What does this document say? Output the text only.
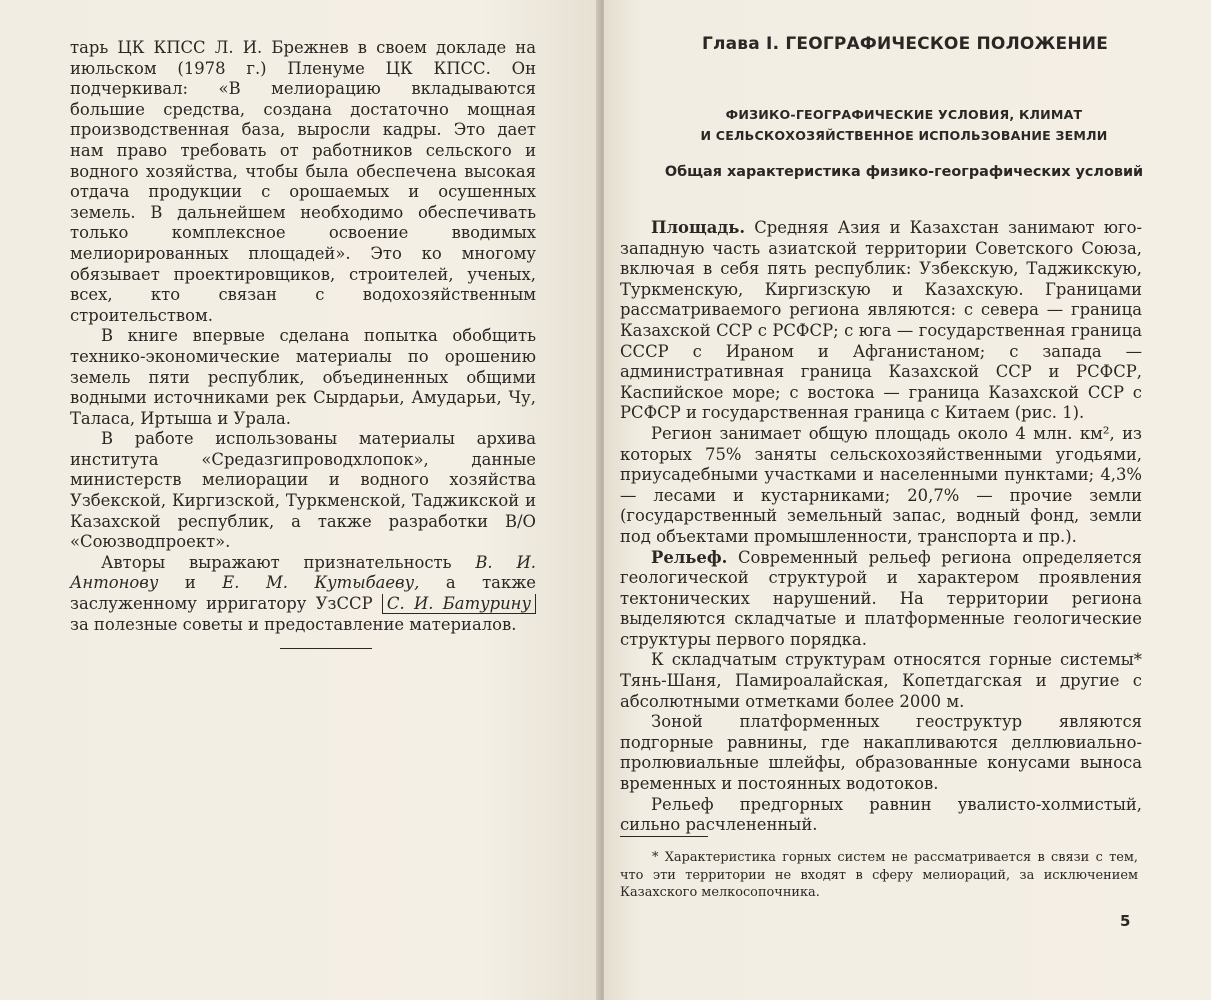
тарь ЦК КПСС Л. И. Брежнев в своем докладе на июльском (1978 г.) Пленуме ЦК КПСС. Он подчеркивал: «В мелиорацию вкладываются большие средства, создана достаточно мощная производственная база, выросли кадры. Это дает нам право требовать от работников сельского и водного хозяйства, чтобы была обеспечена высокая отдача продукции с орошаемых и осушенных земель. В дальнейшем необходимо обеспечивать только комплексное освоение вводимых мелиорированных площадей». Это ко многому обязывает проектировщиков, строителей, ученых, всех, кто связан с водохозяйственным строительством.

В книге впервые сделана попытка обобщить технико-экономические материалы по орошению земель пяти республик, объединенных общими водными источниками рек Сырдарьи, Амударьи, Чу, Таласа, Иртыша и Урала.

В работе использованы материалы архива института «Средазгипроводхлопок», данные министерств мелиорации и водного хозяйства Узбекской, Киргизской, Туркменской, Таджикской и Казахской республик, а также разработки В/О «Союзводпроект».

Авторы выражают признательность В. И. Антонову и Е. М. Кутыбаеву, а также заслуженному ирригатору УзССР С. И. Батурину за полезные советы и предоставление материалов.

Глава I. ГЕОГРАФИЧЕСКОЕ ПОЛОЖЕНИЕ
ФИЗИКО-ГЕОГРАФИЧЕСКИЕ УСЛОВИЯ, КЛИМАТ
И СЕЛЬСКОХОЗЯЙСТВЕННОЕ ИСПОЛЬЗОВАНИЕ ЗЕМЛИ
Общая характеристика физико-географических условий

Площадь. Средняя Азия и Казахстан занимают юго-западную часть азиатской территории Советского Союза, включая в себя пять республик: Узбекскую, Таджикскую, Туркменскую, Киргизскую и Казахскую. Границами рассматриваемого региона являются: с севера — граница Казахской ССР с РСФСР; с юга — государственная граница СССР с Ираном и Афганистаном; с запада — административная граница Казахской ССР и РСФСР, Каспийское море; с востока — граница Казахской ССР с РСФСР и государственная граница с Китаем (рис. 1).

Регион занимает общую площадь около 4 млн. км², из которых 75% заняты сельскохозяйственными угодьями, приусадебными участками и населенными пунктами; 4,3% — лесами и кустарниками; 20,7% — прочие земли (государственный земельный запас, водный фонд, земли под объектами промышленности, транспорта и пр.).

Рельеф. Современный рельеф региона определяется геологической структурой и характером проявления тектонических нарушений. На территории региона выделяются складчатые и платформенные геологические структуры первого порядка.

К складчатым структурам относятся горные системы* Тянь-Шаня, Памироалайская, Копетдагская и другие с абсолютными отметками более 2000 м.

Зоной платформенных геоструктур являются подгорные равнины, где накапливаются деллювиально-пролювиальные шлейфы, образованные конусами выноса временных и постоянных водотоков.

Рельеф предгорных равнин увалисто-холмистый, сильно расчлененный.

* Характеристика горных систем не рассматривается в связи с тем, что эти территории не входят в сферу мелиораций, за исключением Казахского мелкосопочника.

5
